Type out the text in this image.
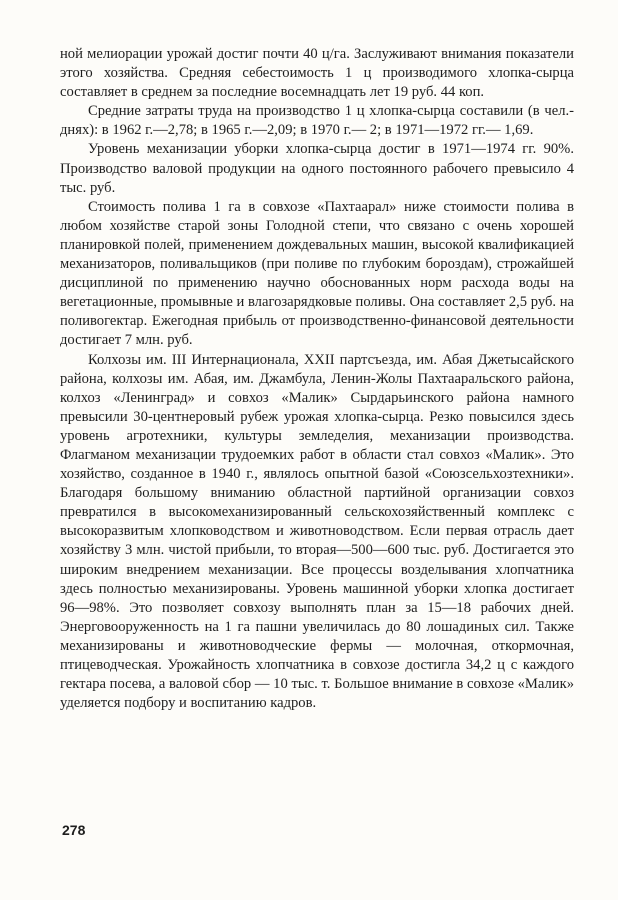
ной мелиорации урожай достиг почти 40 ц/га. Заслуживают внимания показатели этого хозяйства. Средняя себестоимость 1 ц производимого хлопка-сырца составляет в среднем за последние восемнадцать лет 19 руб. 44 коп.

Средние затраты труда на производство 1 ц хлопка-сырца составили (в чел.-днях): в 1962 г.—2,78; в 1965 г.—2,09; в 1970 г.— 2; в 1971—1972 гг.— 1,69.

Уровень механизации уборки хлопка-сырца достиг в 1971—1974 гг. 90%. Производство валовой продукции на одного постоянного рабочего превысило 4 тыс. руб.

Стоимость полива 1 га в совхозе «Пахтаарал» ниже стоимости полива в любом хозяйстве старой зоны Голодной степи, что связано с очень хорошей планировкой полей, применением дождевальных машин, высокой квалификацией механизаторов, поливальщиков (при поливе по глубоким бороздам), строжайшей дисциплиной по применению научно обоснованных норм расхода воды на вегетационные, промывные и влагозарядковые поливы. Она составляет 2,5 руб. на поливогектар. Ежегодная прибыль от производственно-финансовой деятельности достигает 7 млн. руб.

Колхозы им. III Интернационала, XXII партсъезда, им. Абая Джетысайского района, колхозы им. Абая, им. Джамбула, Ленин-Жолы Пахтааральского района, колхоз «Ленинград» и совхоз «Малик» Сырдарьинского района намного превысили 30-центнеровый рубеж урожая хлопка-сырца. Резко повысился здесь уровень агротехники, культуры земледелия, механизации производства. Флагманом механизации трудоемких работ в области стал совхоз «Малик». Это хозяйство, созданное в 1940 г., являлось опытной базой «Союзсельхозтехники». Благодаря большому вниманию областной партийной организации совхоз превратился в высокомеханизированный сельскохозяйственный комплекс с высокоразвитым хлопководством и животноводством. Если первая отрасль дает хозяйству 3 млн. чистой прибыли, то вторая—500—600 тыс. руб. Достигается это широким внедрением механизации. Все процессы возделывания хлопчатника здесь полностью механизированы. Уровень машинной уборки хлопка достигает 96—98%. Это позволяет совхозу выполнять план за 15—18 рабочих дней. Энерговооруженность на 1 га пашни увеличилась до 80 лошадиных сил. Также механизированы и животноводческие фермы — молочная, откормочная, птицеводческая. Урожайность хлопчатника в совхозе достигла 34,2 ц с каждого гектара посева, а валовой сбор — 10 тыс. т. Большое внимание в совхозе «Малик» уделяется подбору и воспитанию кадров.

278
